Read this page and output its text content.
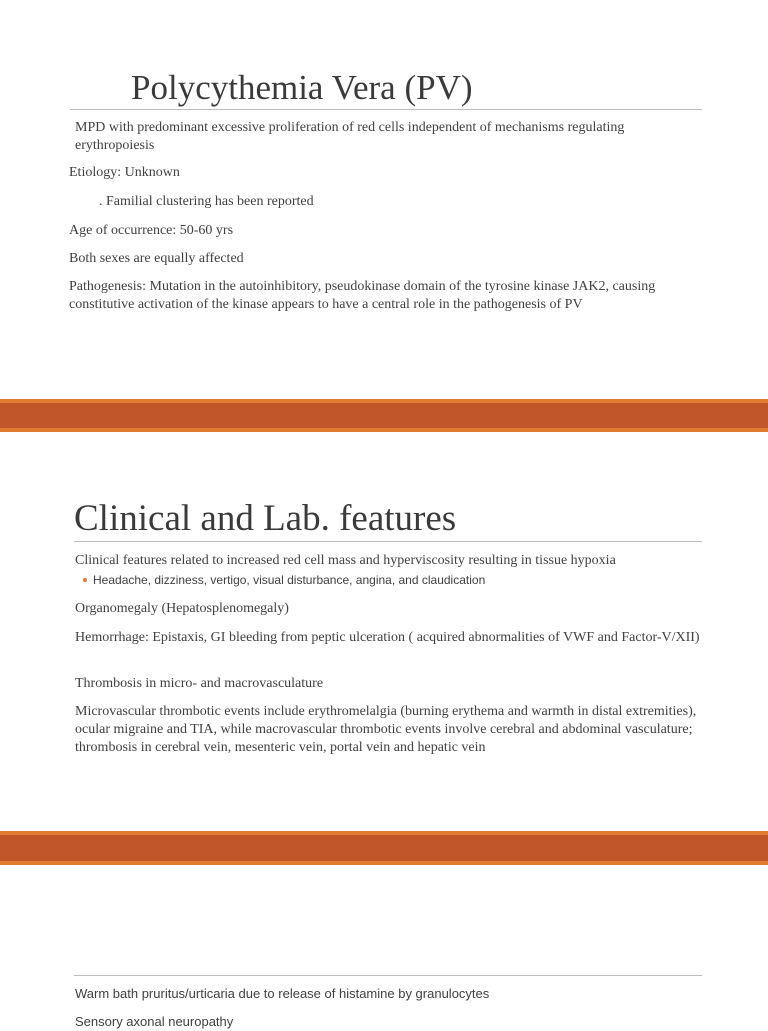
Polycythemia Vera (PV)
MPD with predominant excessive proliferation of red cells independent of mechanisms regulating erythropoiesis
Etiology: Unknown
. Familial clustering has been reported
Age of occurrence: 50-60 yrs
Both sexes are equally affected
Pathogenesis: Mutation in the autoinhibitory, pseudokinase domain of the tyrosine kinase JAK2, causing constitutive activation of the kinase appears to have a central role in the pathogenesis of PV
Clinical and Lab. features
Clinical features related to increased red cell mass and hyperviscosity resulting in tissue hypoxia
Headache, dizziness, vertigo, visual disturbance, angina, and claudication
Organomegaly (Hepatosplenomegaly)
Hemorrhage: Epistaxis, GI bleeding from peptic ulceration ( acquired abnormalities of VWF and Factor-V/XII)
Thrombosis in micro- and macrovasculature
Microvascular thrombotic events include erythromelalgia (burning erythema and warmth in distal extremities), ocular migraine and TIA, while macrovascular thrombotic events involve cerebral and abdominal vasculature; thrombosis in cerebral vein, mesenteric vein, portal vein and hepatic vein
Warm bath pruritus/urticaria due to release of histamine by granulocytes
Sensory axonal neuropathy
